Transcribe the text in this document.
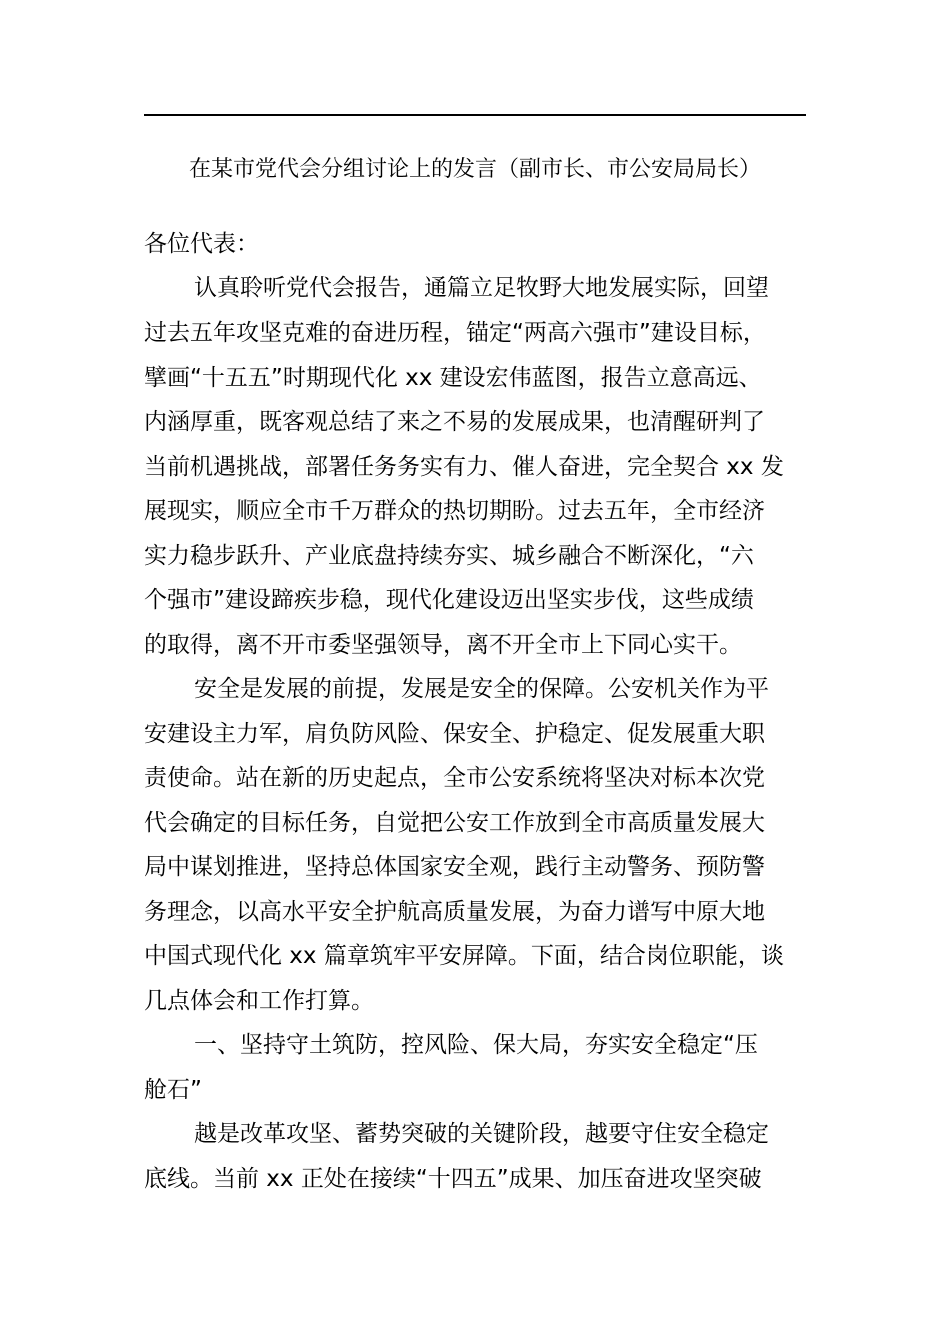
在某市党代会分组讨论上的发言（副市长、市公安局局长）
各位代表：
认真聆听党代会报告，通篇立足牧野大地发展实际，回望
过去五年攻坚克难的奋进历程，锚定“两高六强市”建设目标，
擘画“十五五”时期现代化 xx 建设宏伟蓝图，报告立意高远、
内涵厚重，既客观总结了来之不易的发展成果，也清醒研判了
当前机遇挑战，部署任务务实有力、催人奋进，完全契合 xx 发
展现实，顺应全市千万群众的热切期盼。过去五年，全市经济
实力稳步跃升、产业底盘持续夯实、城乡融合不断深化，“六
个强市”建设蹄疾步稳，现代化建设迈出坚实步伐，这些成绩
的取得，离不开市委坚强领导，离不开全市上下同心实干。
安全是发展的前提，发展是安全的保障。公安机关作为平
安建设主力军，肩负防风险、保安全、护稳定、促发展重大职
责使命。站在新的历史起点，全市公安系统将坚决对标本次党
代会确定的目标任务，自觉把公安工作放到全市高质量发展大
局中谋划推进，坚持总体国家安全观，践行主动警务、预防警
务理念，以高水平安全护航高质量发展，为奋力谱写中原大地
中国式现代化 xx 篇章筑牢平安屏障。下面，结合岗位职能，谈
几点体会和工作打算。
一、坚持守土筑防，控风险、保大局，夯实安全稳定“压
舱石”
越是改革攻坚、蓄势突破的关键阶段，越要守住安全稳定
底线。当前 xx 正处在接续“十四五”成果、加压奋进攻坚突破
